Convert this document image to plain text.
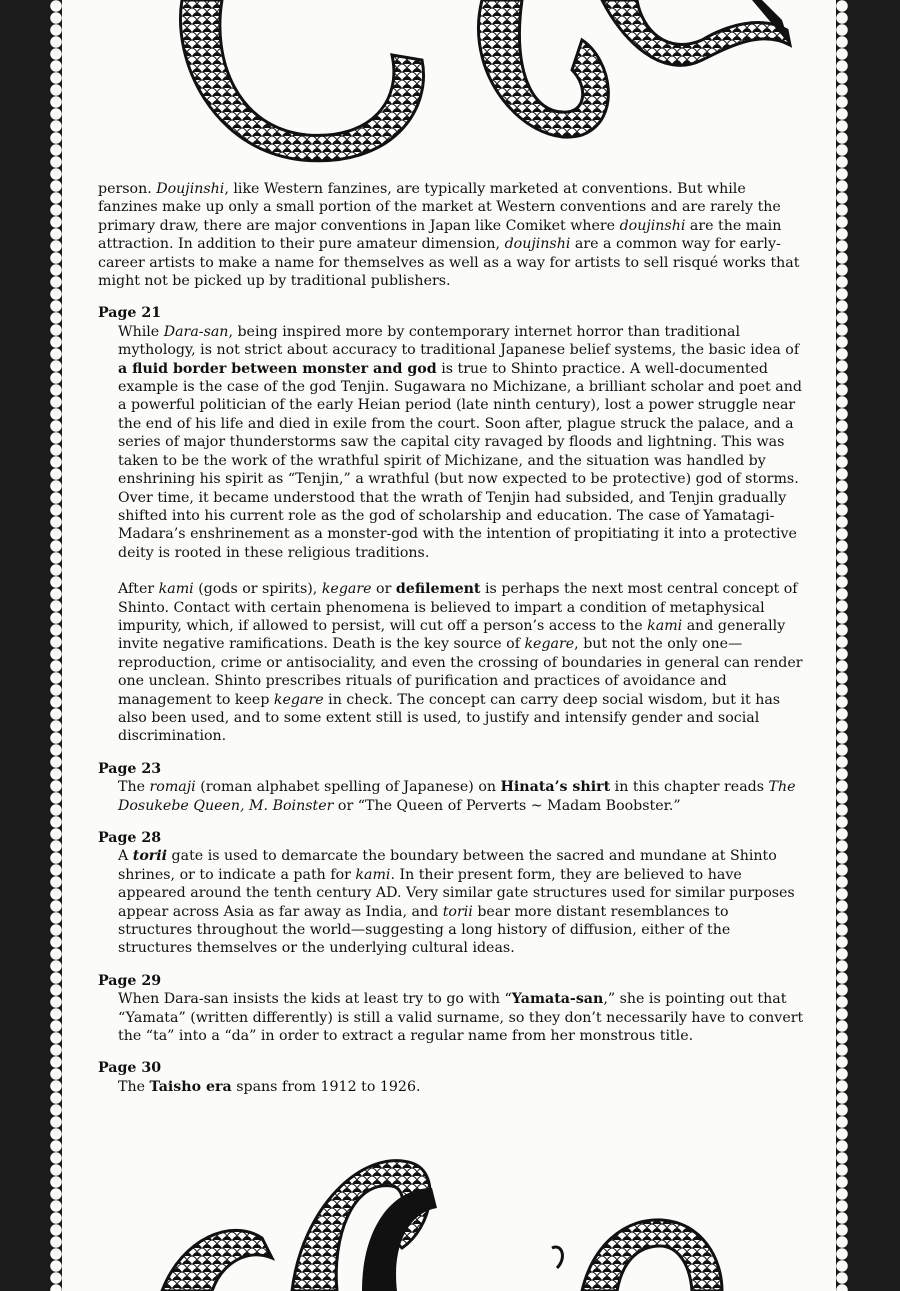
person. Doujinshi, like Western fanzines, are typically marketed at conventions. But while fanzines make up only a small portion of the market at Western conventions and are rarely the primary draw, there are major conventions in Japan like Comiket where doujinshi are the main attraction. In addition to their pure amateur dimension, doujinshi are a common way for early-career artists to make a name for themselves as well as a way for artists to sell risqué works that might not be picked up by traditional publishers.

Page 21

While Dara-san, being inspired more by contemporary internet horror than traditional mythology, is not strict about accuracy to traditional Japanese belief systems, the basic idea of a fluid border between monster and god is true to Shinto practice. A well-documented example is the case of the god Tenjin. Sugawara no Michizane, a brilliant scholar and poet and a powerful politician of the early Heian period (late ninth century), lost a power struggle near the end of his life and died in exile from the court. Soon after, plague struck the palace, and a series of major thunderstorms saw the capital city ravaged by floods and lightning. This was taken to be the work of the wrathful spirit of Michizane, and the situation was handled by enshrining his spirit as “Tenjin,” a wrathful (but now expected to be protective) god of storms. Over time, it became understood that the wrath of Tenjin had subsided, and Tenjin gradually shifted into his current role as the god of scholarship and education. The case of Yamatagi-Madara’s enshrinement as a monster-god with the intention of propitiating it into a protective deity is rooted in these religious traditions.

After kami (gods or spirits), kegare or defilement is perhaps the next most central concept of Shinto. Contact with certain phenomena is believed to impart a condition of metaphysical impurity, which, if allowed to persist, will cut off a person’s access to the kami and generally invite negative ramifications. Death is the key source of kegare, but not the only one—reproduction, crime or antisociality, and even the crossing of boundaries in general can render one unclean. Shinto prescribes rituals of purification and practices of avoidance and management to keep kegare in check. The concept can carry deep social wisdom, but it has also been used, and to some extent still is used, to justify and intensify gender and social discrimination.

Page 23

The romaji (roman alphabet spelling of Japanese) on Hinata’s shirt in this chapter reads The Dosukebe Queen, M. Boinster or “The Queen of Perverts ~ Madam Boobster.”

Page 28

A torii gate is used to demarcate the boundary between the sacred and mundane at Shinto shrines, or to indicate a path for kami. In their present form, they are believed to have appeared around the tenth century AD. Very similar gate structures used for similar purposes appear across Asia as far away as India, and torii bear more distant resemblances to structures throughout the world—suggesting a long history of diffusion, either of the structures themselves or the underlying cultural ideas.

Page 29

When Dara-san insists the kids at least try to go with “Yamata-san,” she is pointing out that “Yamata” (written differently) is still a valid surname, so they don’t necessarily have to convert the “ta” into a “da” in order to extract a regular name from her monstrous title.

Page 30

The Taisho era spans from 1912 to 1926.
